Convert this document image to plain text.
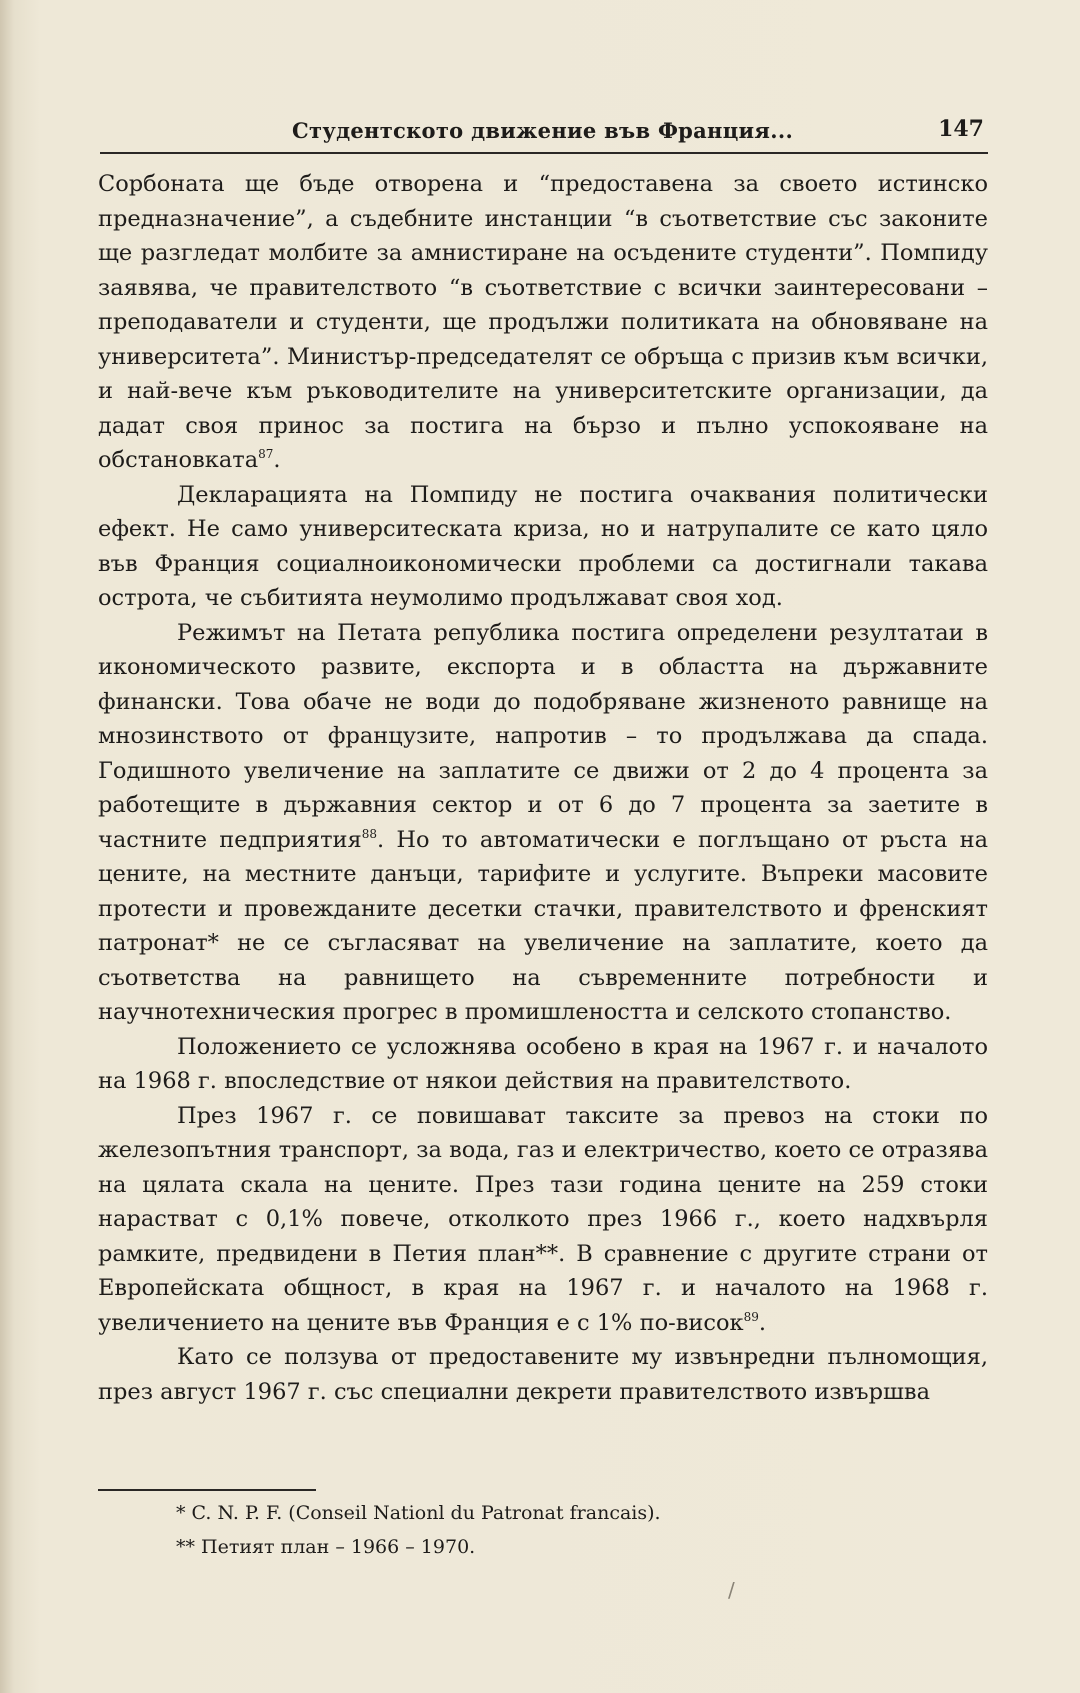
Студентското движение във Франция...	147

Сорбоната ще бъде отворена и “предоставена за своето истинско предназначение”, а съдебните инстанции “в съответствие със законите ще разгледат молбите за амнистиране на осъдените студенти”. Помпиду заявява, че правителството “в съответствие с всички заинтересовани – преподаватели и студенти, ще продължи политиката на обновяване на университета”. Министър-председателят се обръща с призив към всички, и най-вече към ръководителите на университетските организации, да дадат своя принос за постига на бързо и пълно успокояване на обстановката$^{87}$.

Декларацията на Помпиду не постига очаквания политически ефект. Не само университеската криза, но и натрупалите се като цяло във Франция социалноикономически проблеми са достигнали такава острота, че събитията неумолимо продължават своя ход.

Режимът на Петата република постига определени резултатаи в икономическото развите, експорта и в областта на държавните финански. Това обаче не води до подобряване жизненото равнище на мнозинството от французите, напротив – то продължава да спада. Годишното увеличение на заплатите се движи от 2 до 4 процента за работещите в държавния сектор и от 6 до 7 процента за заетите в частните педприятия$^{88}$. Но то автоматически е поглъщано от ръста на цените, на местните данъци, тарифите и услугите. Въпреки масовите протести и провежданите десетки стачки, правителството и френският патронат* не се съгласяват на увеличение на заплатите, което да съответства на равнището на съвременните потребности и научнотехническия прогрес в промишлеността и селското стопанство.

Положението се усложнява особено в края на 1967 г. и началото на 1968 г. впоследствие от някои действия на правителството.

През 1967 г. се повишават таксите за превоз на стоки по железопътния транспорт, за вода, газ и електричество, което се отразява на цялата скала на цените. През тази година цените на 259 стоки нарастват с 0,1% повече, отколкото през 1966 г., което надхвърля рамките, предвидени в Петия план**. В сравнение с другите страни от Европейската общност, в края на 1967 г. и началото на 1968 г. увеличението на цените във Франция е с 1% по-висок$^{89}$.

Като се ползува от предоставените му извънредни пълномощия, през август 1967 г. със специални декрети правителството извършва

* C. N. P. F. (Conseil Nationl du Patronat francais).

** Петият план – 1966 – 1970.

/
